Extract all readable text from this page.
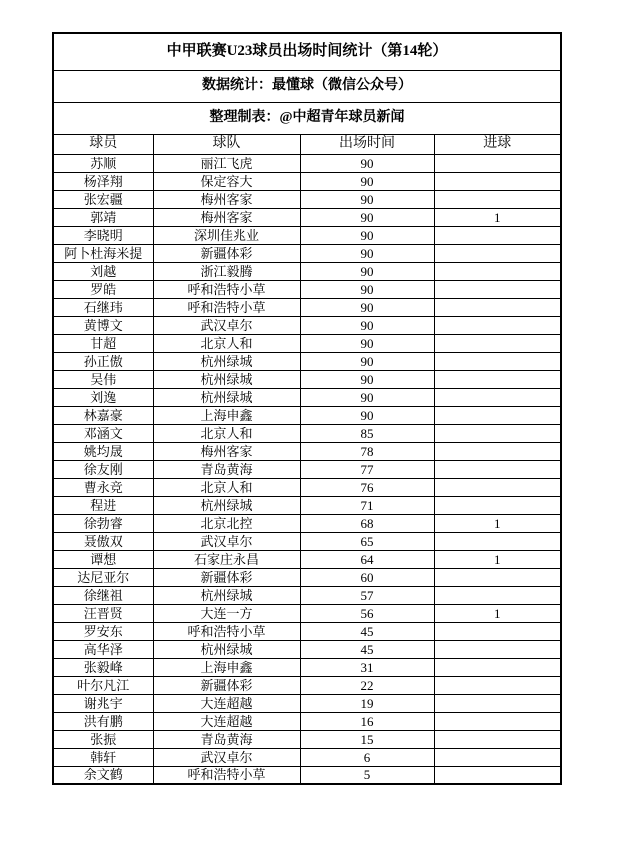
中甲联赛U23球员出场时间统计（第14轮）			
数据统计：最懂球（微信公众号）			
整理制表：@中超青年球员新闻			
球员	球队	出场时间	进球
苏顺	丽江飞虎	90	
杨泽翔	保定容大	90	
张宏疆	梅州客家	90	
郭靖	梅州客家	90	1
李晓明	深圳佳兆业	90	
阿卜杜海米提	新疆体彩	90	
刘越	浙江毅腾	90	
罗皓	呼和浩特小草	90	
石继玮	呼和浩特小草	90	
黄博文	武汉卓尔	90	
甘超	北京人和	90	
孙正傲	杭州绿城	90	
吴伟	杭州绿城	90	
刘逸	杭州绿城	90	
林嘉豪	上海申鑫	90	
邓涵文	北京人和	85	
姚均晟	梅州客家	78	
徐友刚	青岛黄海	77	
曹永竞	北京人和	76	
程进	杭州绿城	71	
徐勃睿	北京北控	68	1
聂傲双	武汉卓尔	65	
谭想	石家庄永昌	64	1
达尼亚尔	新疆体彩	60	
徐继祖	杭州绿城	57	
汪晋贤	大连一方	56	1
罗安东	呼和浩特小草	45	
高华泽	杭州绿城	45	
张毅峰	上海申鑫	31	
叶尔凡江	新疆体彩	22	
谢兆宇	大连超越	19	
洪有鹏	大连超越	16	
张振	青岛黄海	15	
韩轩	武汉卓尔	6	
余文鹤	呼和浩特小草	5	
